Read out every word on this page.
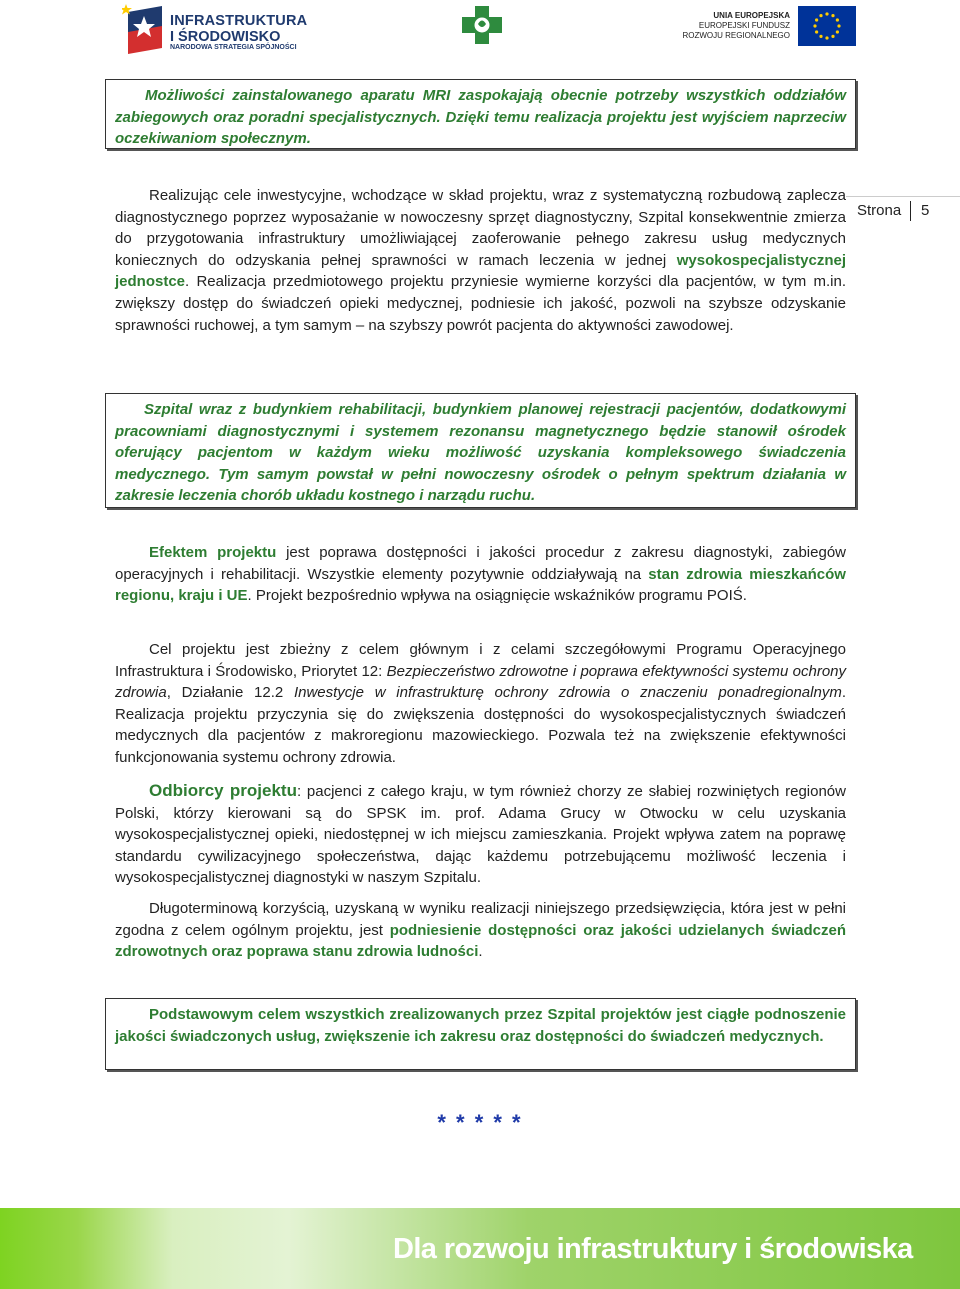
INFRASTRUKTURA
I ŚRODOWISKO
NARODOWA STRATEGIA SPÓJNOŚCI
UNIA EUROPEJSKA
EUROPEJSKI FUNDUSZ
ROZWOJU REGIONALNEGO
Strona 5

Możliwości zainstalowanego aparatu MRI zaspokajają obecnie potrzeby wszystkich oddziałów zabiegowych oraz poradni specjalistycznych. Dzięki temu realizacja projektu jest wyjściem naprzeciw oczekiwaniom społecznym.

Realizując cele inwestycyjne, wchodzące w skład projektu, wraz z systematyczną rozbudową zaplecza diagnostycznego poprzez wyposażanie w nowoczesny sprzęt diagnostyczny, Szpital konsekwentnie zmierza do przygotowania infrastruktury umożliwiającej zaoferowanie pełnego zakresu usług medycznych koniecznych do odzyskania pełnej sprawności w ramach leczenia w jednej wysokospecjalistycznej jednostce. Realizacja przedmiotowego projektu przyniesie wymierne korzyści dla pacjentów, w tym m.in. zwiększy dostęp do świadczeń opieki medycznej, podniesie ich jakość, pozwoli na szybsze odzyskanie sprawności ruchowej, a tym samym – na szybszy powrót pacjenta do aktywności zawodowej.

Szpital wraz z budynkiem rehabilitacji, budynkiem planowej rejestracji pacjentów, dodatkowymi pracowniami diagnostycznymi i systemem rezonansu magnetycznego będzie stanowił ośrodek oferujący pacjentom w każdym wieku możliwość uzyskania kompleksowego świadczenia medycznego. Tym samym powstał w pełni nowoczesny ośrodek o pełnym spektrum działania w zakresie leczenia chorób układu kostnego i narządu ruchu.

Efektem projektu jest poprawa dostępności i jakości procedur z zakresu diagnostyki, zabiegów operacyjnych i rehabilitacji. Wszystkie elementy pozytywnie oddziaływają na stan zdrowia mieszkańców regionu, kraju i UE. Projekt bezpośrednio wpływa na osiągnięcie wskaźników programu POIŚ.

Cel projektu jest zbieżny z celem głównym i z celami szczegółowymi Programu Operacyjnego Infrastruktura i Środowisko, Priorytet 12: Bezpieczeństwo zdrowotne i poprawa efektywności systemu ochrony zdrowia, Działanie 12.2 Inwestycje w infrastrukturę ochrony zdrowia o znaczeniu ponadregionalnym. Realizacja projektu przyczynia się do zwiększenia dostępności do wysokospecjalistycznych świadczeń medycznych dla pacjentów z makroregionu mazowieckiego. Pozwala też na zwiększenie efektywności funkcjonowania systemu ochrony zdrowia.

Odbiorcy projektu: pacjenci z całego kraju, w tym również chorzy ze słabiej rozwiniętych regionów Polski, którzy kierowani są do SPSK im. prof. Adama Grucy w Otwocku w celu uzyskania wysokospecjalistycznej opieki, niedostępnej w ich miejscu zamieszkania. Projekt wpływa zatem na poprawę standardu cywilizacyjnego społeczeństwa, dając każdemu potrzebującemu możliwość leczenia i wysokospecjalistycznej diagnostyki w naszym Szpitalu.

Długoterminową korzyścią, uzyskaną w wyniku realizacji niniejszego przedsięwzięcia, która jest w pełni zgodna z celem ogólnym projektu, jest podniesienie dostępności oraz jakości udzielanych świadczeń zdrowotnych oraz poprawa stanu zdrowia ludności.

Podstawowym celem wszystkich zrealizowanych przez Szpital projektów jest ciągłe podnoszenie jakości świadczonych usług, zwiększenie ich zakresu oraz dostępności do świadczeń medycznych.

* * * * *
Dla rozwoju infrastruktury i środowiska
